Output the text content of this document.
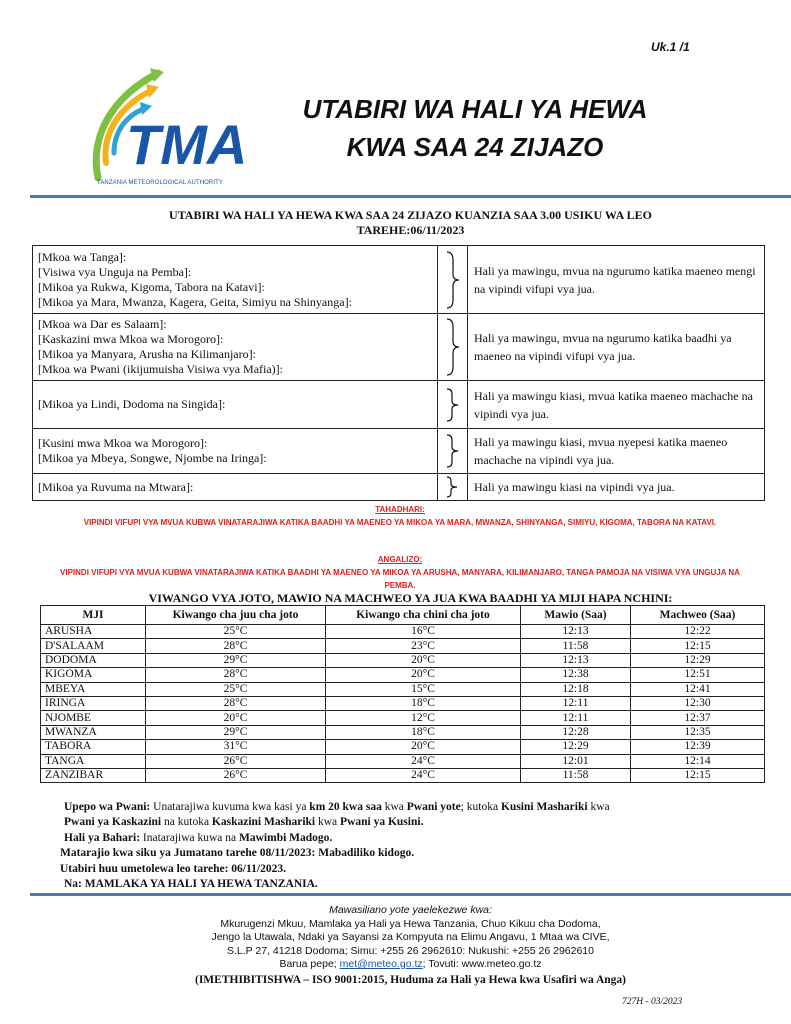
Uk.1 /1
TMA
TANZANIA METEOROLOGICAL AUTHORITY
UTABIRI WA HALI YA HEWA
KWA SAA 24 ZIJAZO
UTABIRI WA HALI YA HEWA KWA SAA 24 ZIJAZO KUANZIA SAA 3.00 USIKU WA LEO
TAREHE:06/11/2023
[Mkoa wa Tanga]:
[Visiwa vya Unguja na Pemba]:
[Mikoa ya Rukwa, Kigoma, Tabora na Katavi]:
[Mikoa ya Mara, Mwanza, Kagera, Geita, Simiyu na Shinyanga]:		Hali ya mawingu, mvua na ngurumo katika maeneo mengi na vipindi vifupi vya jua.

[Mkoa wa Dar es Salaam]:
[Kaskazini mwa Mkoa wa Morogoro]:
[Mikoa ya Manyara, Arusha na Kilimanjaro]:
[Mkoa wa Pwani (ikijumuisha Visiwa vya Mafia)]:		Hali ya mawingu, mvua na ngurumo katika baadhi ya maeneo na vipindi vifupi vya jua.

[Mikoa ya Lindi, Dodoma na Singida]:		Hali ya mawingu kiasi, mvua katika maeneo machache na vipindi vya jua.

[Kusini mwa Mkoa wa Morogoro]:
[Mikoa ya Mbeya, Songwe, Njombe na Iringa]:		Hali ya mawingu kiasi, mvua nyepesi katika maeneo machache na vipindi vya jua.

[Mikoa ya Ruvuma na Mtwara]:		Hali ya mawingu kiasi na vipindi vya jua.
TAHADHARI:
VIPINDI VIFUPI VYA MVUA KUBWA VINATARAJIWA KATIKA BAADHI YA MAENEO YA MIKOA YA MARA, MWANZA, SHINYANGA, SIMIYU, KIGOMA, TABORA NA KATAVI.
ANGALIZO:
VIPINDI VIFUPI VYA MVUA KUBWA VINATARAJIWA KATIKA BAADHI YA MAENEO YA MIKOA YA ARUSHA, MANYARA, KILIMANJARO, TANGA PAMOJA NA VISIWA VYA UNGUJA NA PEMBA.
VIWANGO VYA JOTO, MAWIO NA MACHWEO YA JUA KWA BAADHI YA MIJI HAPA NCHINI:
MJI	Kiwango cha juu cha joto	Kiwango cha chini cha joto	Mawio (Saa)	Machweo (Saa)
ARUSHA	25°C	16°C	12:13	12:22
D'SALAAM	28°C	23°C	11:58	12:15
DODOMA	29°C	20°C	12:13	12:29
KIGOMA	28°C	20°C	12:38	12:51
MBEYA	25°C	15°C	12:18	12:41
IRINGA	28°C	18°C	12:11	12:30
NJOMBE	20°C	12°C	12:11	12:37
MWANZA	29°C	18°C	12:28	12:35
TABORA	31°C	20°C	12:29	12:39
TANGA	26°C	24°C	12:01	12:14
ZANZIBAR	26°C	24°C	11:58	12:15

Upepo wa Pwani: Unatarajiwa kuvuma kwa kasi ya km 20 kwa saa kwa Pwani yote; kutoka Kusini Mashariki kwa

Pwani ya Kaskazini na kutoka Kaskazini Mashariki kwa Pwani ya Kusini.

Hali ya Bahari: Inatarajiwa kuwa na Mawimbi Madogo.

Matarajio kwa siku ya Jumatano tarehe 08/11/2023: Mabadiliko kidogo.

Utabiri huu umetolewa leo tarehe: 06/11/2023.

Na: MAMLAKA YA HALI YA HEWA TANZANIA.

Mawasiliano yote yaelekezwe kwa:
Mkurugenzi Mkuu, Mamlaka ya Hali ya Hewa Tanzania, Chuo Kikuu cha Dodoma,
Jengo la Utawala, Ndaki ya Sayansi za Kompyuta na Elimu Angavu, 1 Mtaa wa CIVE,
S.L.P 27, 41218 Dodoma; Simu: +255 26 2962610: Nukushi: +255 26 2962610
Barua pepe; met@meteo.go.tz; Tovuti: www.meteo.go.tz
(IMETHIBITISHWA – ISO 9001:2015, Huduma za Hali ya Hewa kwa Usafiri wa Anga)
727H - 03/2023
